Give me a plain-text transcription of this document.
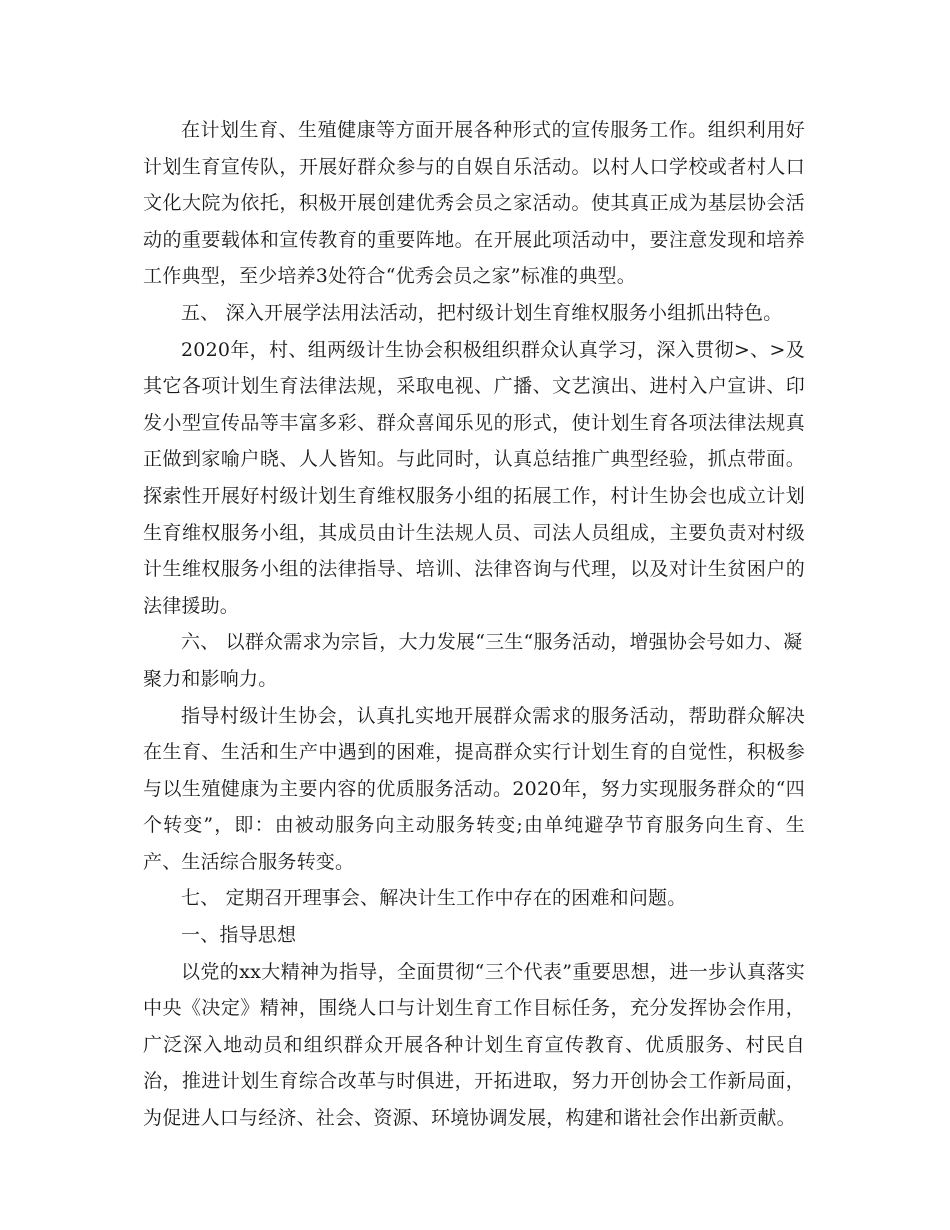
在计划生育、生殖健康等方面开展各种形式的宣传服务工作。组织利用好计划生育宣传队，开展好群众参与的自娱自乐活动。以村人口学校或者村人口文化大院为依托，积极开展创建优秀会员之家活动。使其真正成为基层协会活动的重要载体和宣传教育的重要阵地。在开展此项活动中，要注意发现和培养工作典型，至少培养3处符合“优秀会员之家”标准的典型。

五、 深入开展学法用法活动，把村级计划生育维权服务小组抓出特色。

2020年，村、组两级计生协会积极组织群众认真学习，深入贯彻>、>及其它各项计划生育法律法规，采取电视、广播、文艺演出、进村入户宣讲、印发小型宣传品等丰富多彩、群众喜闻乐见的形式，使计划生育各项法律法规真正做到家喻户晓、人人皆知。与此同时，认真总结推广典型经验，抓点带面。探索性开展好村级计划生育维权服务小组的拓展工作，村计生协会也成立计划生育维权服务小组，其成员由计生法规人员、司法人员组成，主要负责对村级计生维权服务小组的法律指导、培训、法律咨询与代理，以及对计生贫困户的法律援助。

六、 以群众需求为宗旨，大力发展“三生“服务活动，增强协会号如力、凝聚力和影响力。

指导村级计生协会，认真扎实地开展群众需求的服务活动，帮助群众解决在生育、生活和生产中遇到的困难，提高群众实行计划生育的自觉性，积极参与以生殖健康为主要内容的优质服务活动。2020年，努力实现服务群众的“四个转变”，即：由被动服务向主动服务转变;由单纯避孕节育服务向生育、生产、生活综合服务转变。

七、 定期召开理事会、解决计生工作中存在的困难和问题。

一、指导思想

以党的xx大精神为指导，全面贯彻“三个代表”重要思想，进一步认真落实中央《决定》精神，围绕人口与计划生育工作目标任务，充分发挥协会作用，广泛深入地动员和组织群众开展各种计划生育宣传教育、优质服务、村民自治，推进计划生育综合改革与时俱进，开拓进取，努力开创协会工作新局面，为促进人口与经济、社会、资源、环境协调发展，构建和谐社会作出新贡献。
